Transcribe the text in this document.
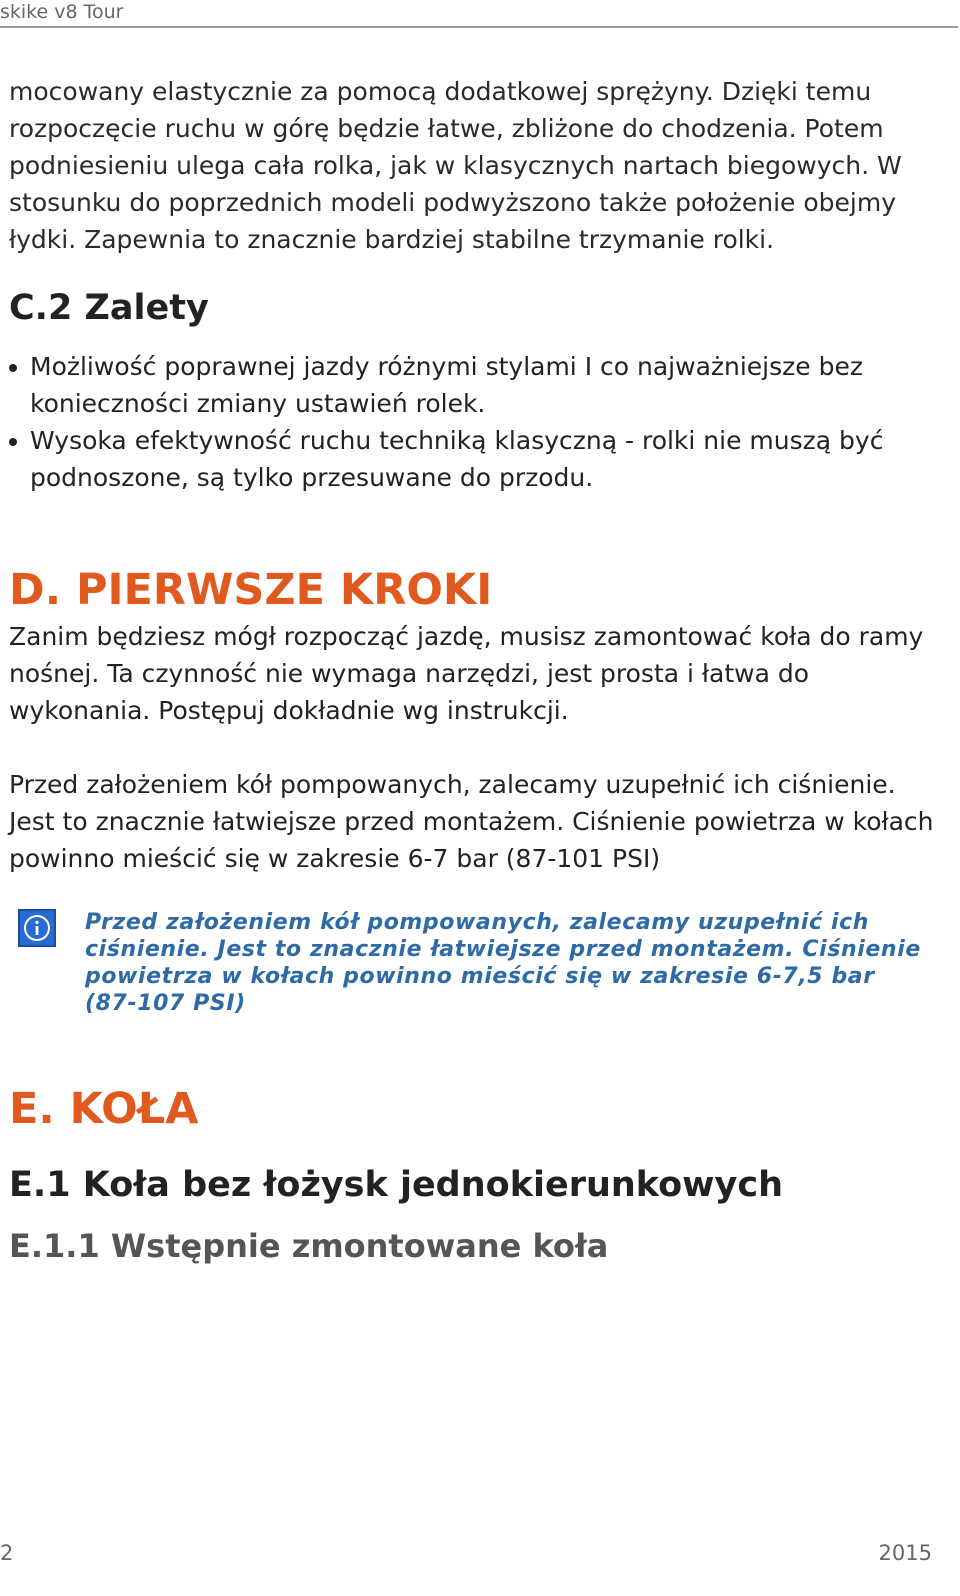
skike v8 Tour

mocowany elastycznie za pomocą dodatkowej sprężyny. Dzięki temu rozpoczęcie ruchu w górę będzie łatwe, zbliżone do chodzenia. Potem podniesieniu ulega cała rolka, jak w klasycznych nartach biegowych. W stosunku do poprzednich modeli podwyższono także położenie obejmy łydki. Zapewnia to znacznie bardziej stabilne trzymanie rolki.

C.2 Zalety
Możliwość poprawnej jazdy różnymi stylami I co najważniejsze bez konieczności zmiany ustawień rolek.
Wysoka efektywność ruchu techniką klasyczną - rolki nie muszą być podnoszone, są tylko przesuwane do przodu.
D. PIERWSZE KROKI

Zanim będziesz mógł rozpocząć jazdę, musisz zamontować koła do ramy nośnej. Ta czynność nie wymaga narzędzi, jest prosta i łatwa do wykonania. Postępuj dokładnie wg instrukcji.

Przed założeniem kół pompowanych, zalecamy uzupełnić ich ciśnienie. Jest to znacznie łatwiejsze przed montażem. Ciśnienie powietrza w kołach powinno mieścić się w zakresie 6-7 bar (87-101 PSI)

Przed założeniem kół pompowanych, zalecamy uzupełnić ich ciśnienie. Jest to znacznie łatwiejsze przed montażem. Ciśnienie powietrza w kołach powinno mieścić się w zakresie 6-7,5 bar (87-107 PSI)
E. KOŁA
E.1 Koła bez łożysk jednokierunkowych
E.1.1 Wstępnie zmontowane koła
2	2015
